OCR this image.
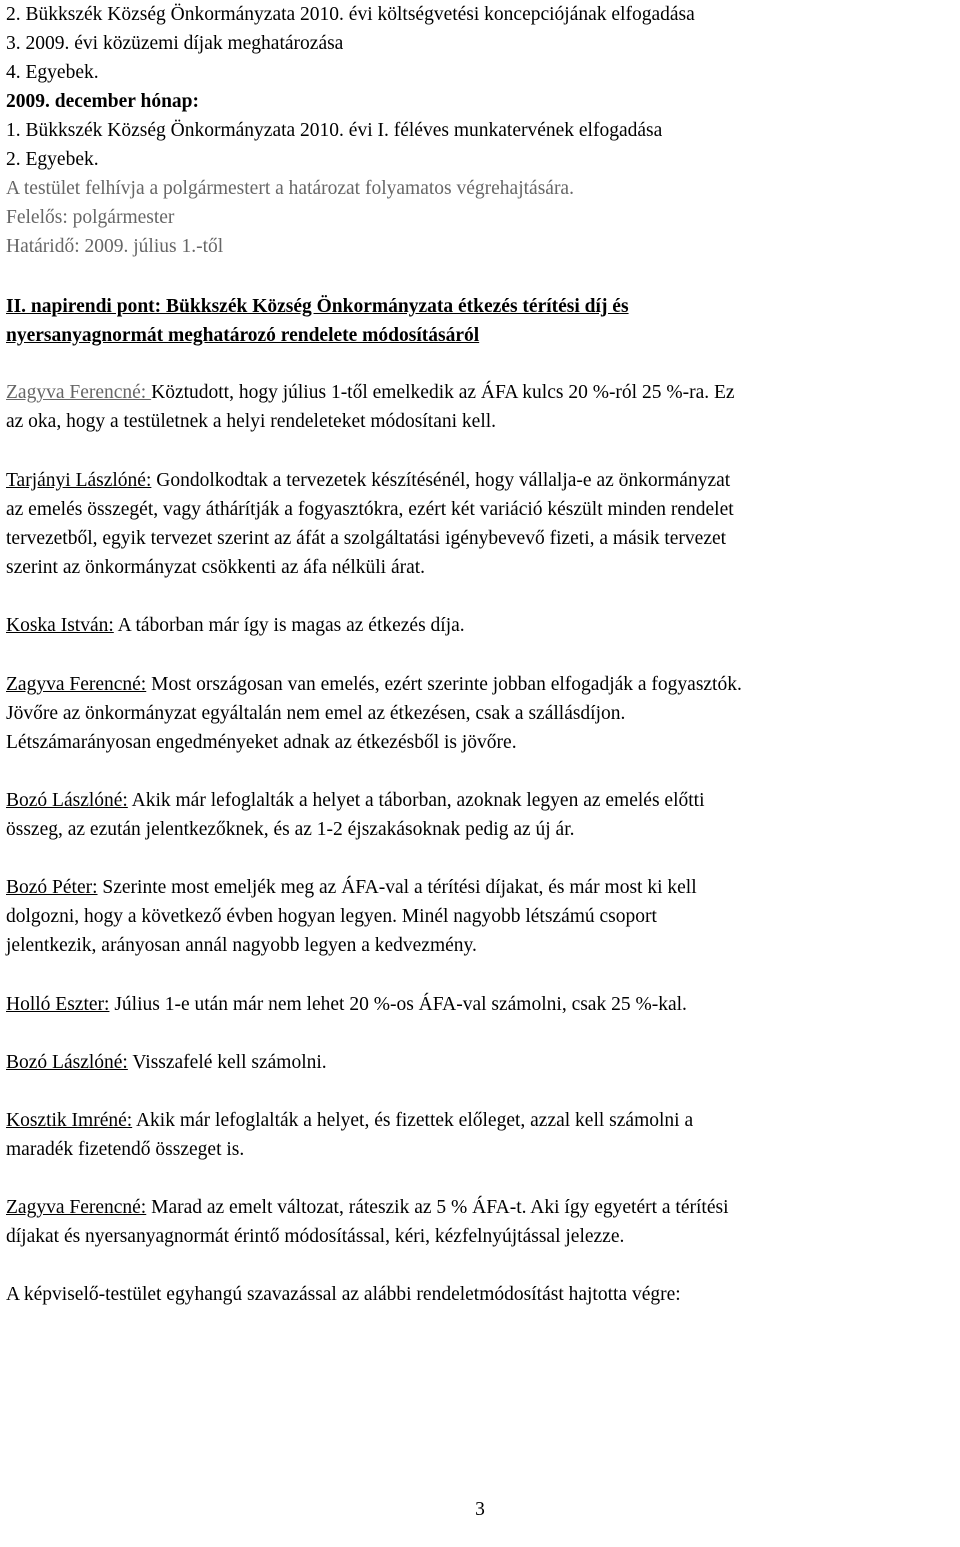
2. Bükkszék Község Önkormányzata 2010. évi költségvetési koncepciójának elfogadása
3. 2009. évi közüzemi díjak meghatározása
4. Egyebek.
2009. december hónap:
1. Bükkszék Község Önkormányzata 2010. évi I. féléves munkatervének elfogadása
2. Egyebek.
A testület felhívja a polgármestert a határozat folyamatos végrehajtására.
Felelős: polgármester
Határidő: 2009. július 1.-től
II. napirendi pont: Bükkszék Község Önkormányzata étkezés térítési díj és
nyersanyagnormát meghatározó rendelete módosításáról
Zagyva Ferencné: Köztudott, hogy július 1-től emelkedik az ÁFA kulcs 20 %-ról 25 %-ra. Ez
az oka, hogy a testületnek a helyi rendeleteket módosítani kell.
Tarjányi Lászlóné: Gondolkodtak a tervezetek készítésénél, hogy vállalja-e az önkormányzat
az emelés összegét, vagy áthárítják a fogyasztókra, ezért két variáció készült minden rendelet
tervezetből, egyik tervezet szerint az áfát a szolgáltatási igénybevevő fizeti, a másik tervezet
szerint az önkormányzat csökkenti az áfa nélküli árat.
Koska István: A táborban már így is magas az étkezés díja.
Zagyva Ferencné: Most országosan van emelés, ezért szerinte jobban elfogadják a fogyasztók.
Jövőre az önkormányzat egyáltalán nem emel az étkezésen, csak a szállásdíjon.
Létszámarányosan engedményeket adnak az étkezésből is jövőre.
Bozó Lászlóné: Akik már lefoglalták a helyet a táborban, azoknak legyen az emelés előtti
összeg, az ezután jelentkezőknek, és az 1-2 éjszakásoknak pedig az új ár.
Bozó Péter: Szerinte most emeljék meg az ÁFA-val a térítési díjakat, és már most ki kell
dolgozni, hogy a következő évben hogyan legyen. Minél nagyobb létszámú csoport
jelentkezik, arányosan annál nagyobb legyen a kedvezmény.
Holló Eszter: Július 1-e után már nem lehet 20 %-os ÁFA-val számolni, csak 25 %-kal.
Bozó Lászlóné: Visszafelé kell számolni.
Kosztik Imréné: Akik már lefoglalták a helyet, és fizettek előleget, azzal kell számolni a
maradék fizetendő összeget is.
Zagyva Ferencné: Marad az emelt változat, ráteszik az 5 % ÁFA-t. Aki így egyetért a térítési
díjakat és nyersanyagnormát érintő módosítással, kéri, kézfelnyújtással jelezze.
A képviselő-testület egyhangú szavazással az alábbi rendeletmódosítást hajtotta végre:
3
